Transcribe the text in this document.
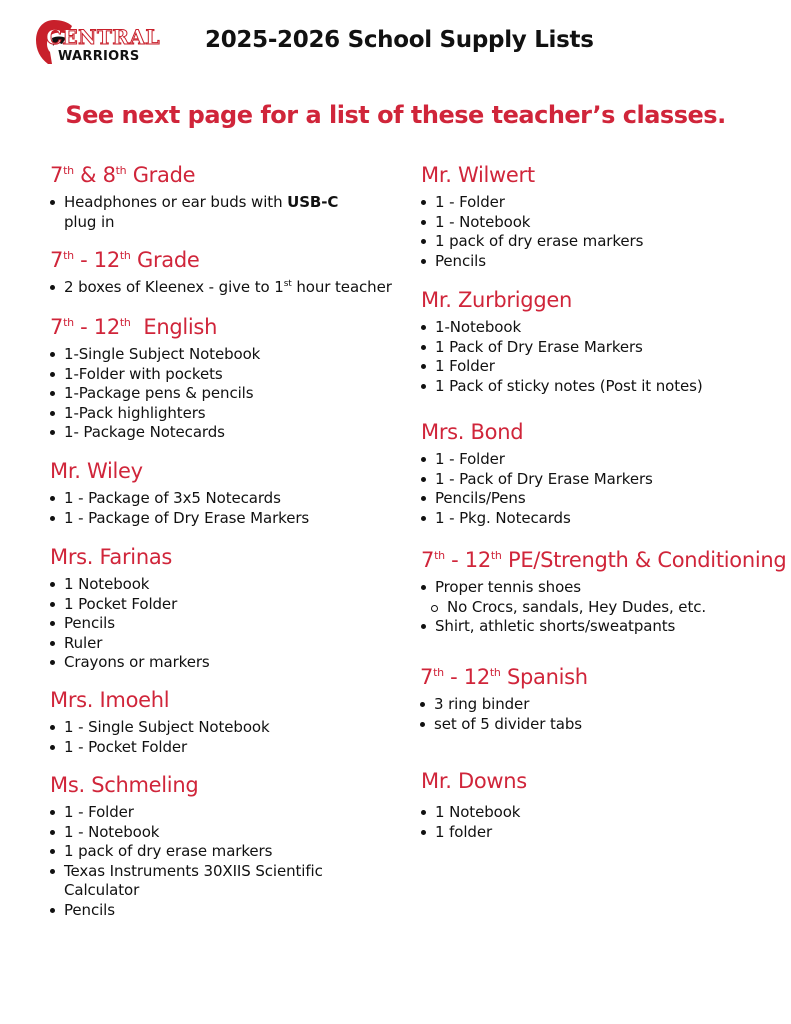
CENTRAL
WARRIORS
2025-2026 School Supply Lists
See next page for a list of these teacher’s classes.
7th & 8th Grade
Headphones or ear buds with USB-C plug in
7th - 12th Grade
2 boxes of Kleenex - give to 1st hour teacher
7th - 12th  English
1-Single Subject Notebook
1-Folder with pockets
1-Package pens & pencils
1-Pack highlighters
1- Package Notecards
Mr. Wiley
1 - Package of 3x5 Notecards
1 - Package of Dry Erase Markers
Mrs. Farinas
1 Notebook
1 Pocket Folder
Pencils
Ruler
Crayons or markers
Mrs. Imoehl
1 - Single Subject Notebook
1 - Pocket Folder
Ms. Schmeling
1 - Folder
1 - Notebook
1 pack of dry erase markers
Texas Instruments 30XIIS Scientific Calculator
Pencils
Mr. Wilwert
1 - Folder
1 - Notebook
1 pack of dry erase markers
Pencils
Mr. Zurbriggen
1-Notebook
1 Pack of Dry Erase Markers
1 Folder
1 Pack of sticky notes (Post it notes)
Mrs. Bond
1 - Folder
1 - Pack of Dry Erase Markers
Pencils/Pens
1 - Pkg. Notecards
7th - 12th PE/Strength & Conditioning
Proper tennis shoes
No Crocs, sandals, Hey Dudes, etc.
Shirt, athletic shorts/sweatpants
7th - 12th Spanish
3 ring binder
set of 5 divider tabs
Mr. Downs
1 Notebook
1 folder
